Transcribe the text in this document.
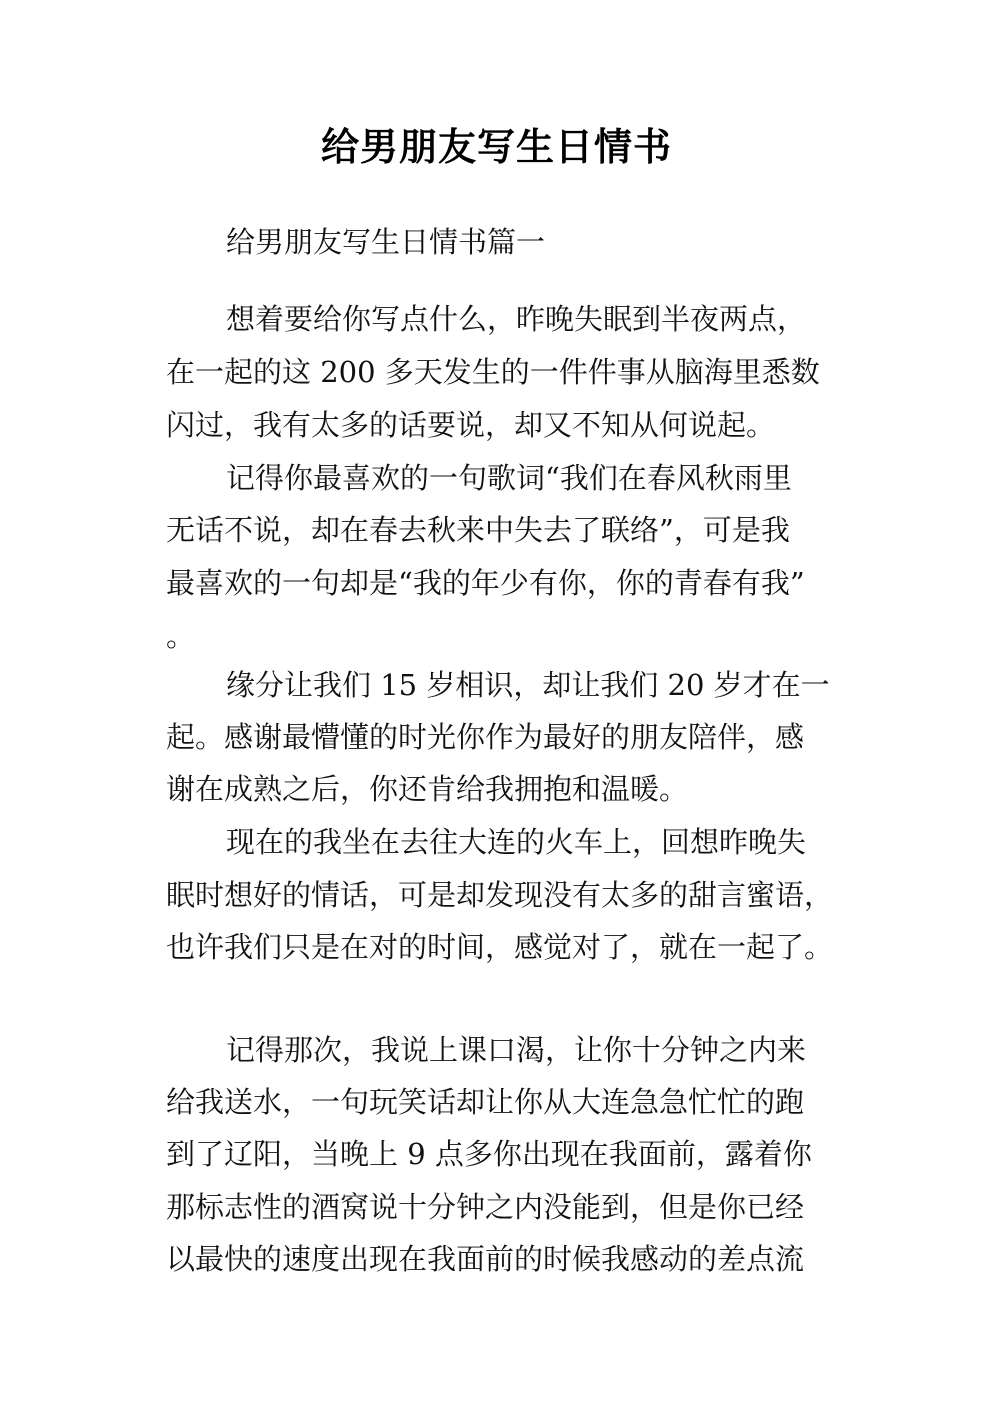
给男朋友写生日情书
给男朋友写生日情书篇一
想着要给你写点什么，昨晚失眠到半夜两点，
在一起的这 200 多天发生的一件件事从脑海里悉数
闪过，我有太多的话要说，却又不知从何说起。
记得你最喜欢的一句歌词“我们在春风秋雨里
无话不说，却在春去秋来中失去了联络”，可是我
最喜欢的一句却是“我的年少有你，你的青春有我”
。
缘分让我们 15 岁相识，却让我们 20 岁才在一
起。感谢最懵懂的时光你作为最好的朋友陪伴，感
谢在成熟之后，你还肯给我拥抱和温暖。
现在的我坐在去往大连的火车上，回想昨晚失
眠时想好的情话，可是却发现没有太多的甜言蜜语，
也许我们只是在对的时间，感觉对了，就在一起了。
记得那次，我说上课口渴，让你十分钟之内来
给我送水，一句玩笑话却让你从大连急急忙忙的跑
到了辽阳，当晚上 9 点多你出现在我面前，露着你
那标志性的酒窝说十分钟之内没能到，但是你已经
以最快的速度出现在我面前的时候我感动的差点流
